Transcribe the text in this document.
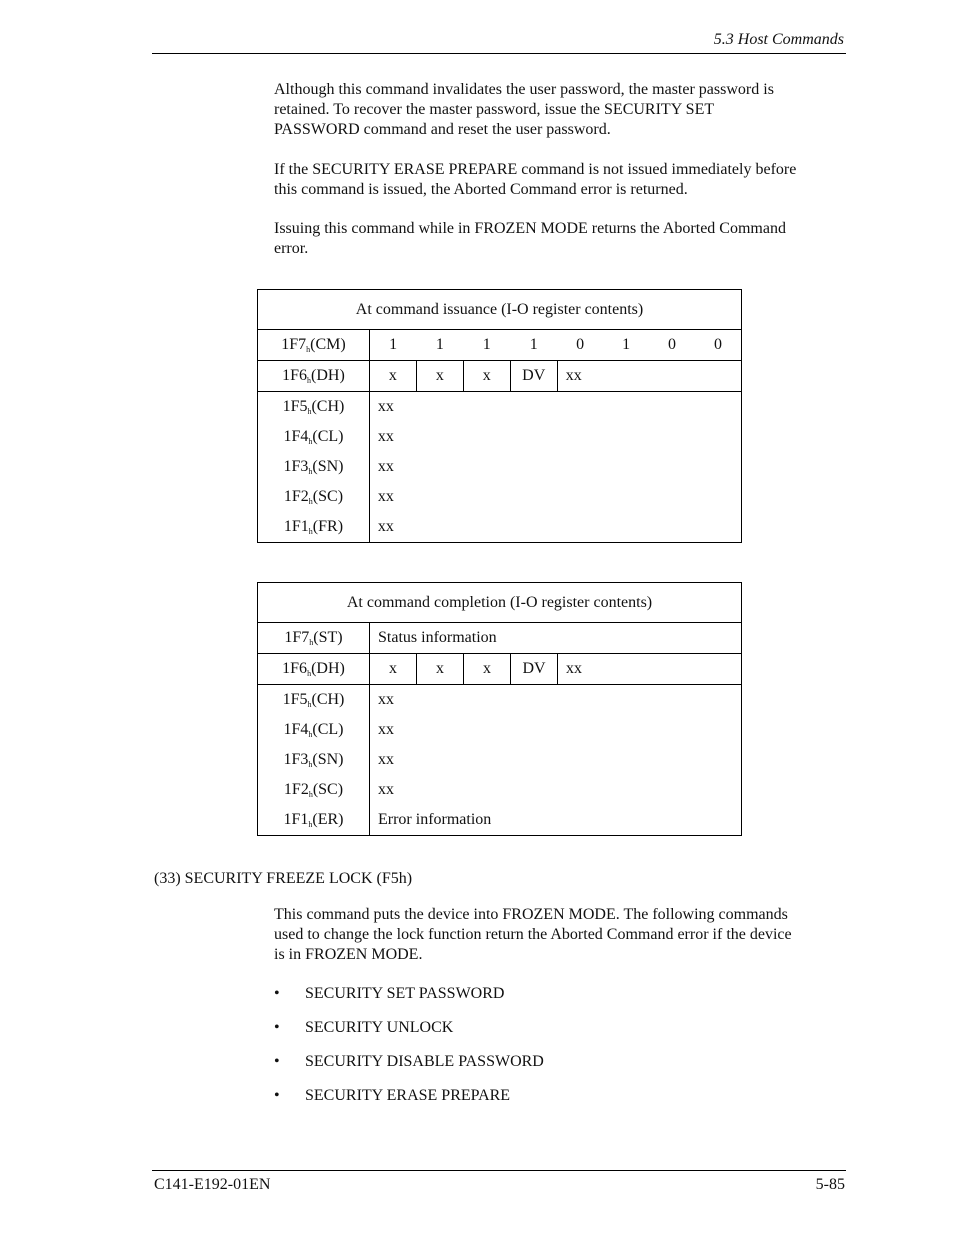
5.3 Host Commands
Although this command invalidates the user password, the master password is
retained. To recover the master password, issue the SECURITY SET
PASSWORD command and reset the user password.
If the SECURITY ERASE PREPARE command is not issued immediately before
this command is issued, the Aborted Command error is returned.
Issuing this command while in FROZEN MODE returns the Aborted Command
error.
At command issuance (I-O register contents)								
$1F7_h(CM)$	1	1	1	1	0	1	0	0
$1F6_h(DH)$	x	x	x	DV	xx			
$1F5_h(CH)$	xx							
$1F4_h(CL)$	xx							
$1F3_h(SN)$	xx							
$1F2_h(SC)$	xx							
$1F1_h(FR)$	xx							
At command completion (I-O register contents)					
$1F7_h(ST)$	Status information				
$1F6_h(DH)$	x	x	x	DV	xx
$1F5_h(CH)$	xx				
$1F4_h(CL)$	xx				
$1F3_h(SN)$	xx				
$1F2_h(SC)$	xx				
$1F1_h(ER)$	Error information				
(33) SECURITY FREEZE LOCK (F5h)
This command puts the device into FROZEN MODE. The following commands
used to change the lock function return the Aborted Command error if the device
is in FROZEN MODE.
• SECURITY SET PASSWORD
• SECURITY UNLOCK
• SECURITY DISABLE PASSWORD
• SECURITY ERASE PREPARE
C141-E192-01EN	5-85
